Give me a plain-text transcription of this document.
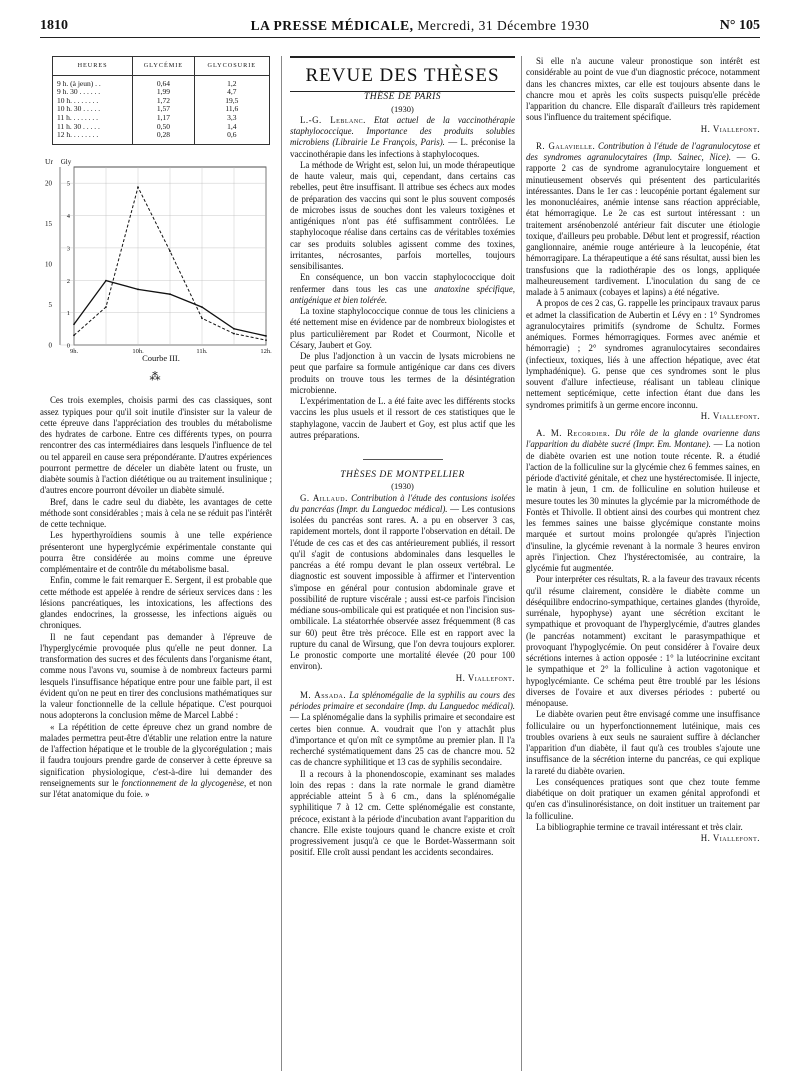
1810	LA PRESSE MÉDICALE, Mercredi, 31 Décembre 1930	N° 105
HEURES	GLYCÉMIE	GLYCOSURIE
9 h. (à jeun) . .	0,64	1,2
9 h. 30 . . . . . .	1,99	4,7
10 h. . . . . . . .	1,72	19,5
10 h. 30 . . . . .	1,57	11,6
11 h. . . . . . . .	1,17	3,3
11 h. 30 . . . . .	0,50	1,4
12 h. . . . . . . .	0,28	0,6
0
5
10
15
20
0
1
2
3
4
5
Ur Gly
9h.	10h.	11h.	12h.

Courbe III.

⁂

Ces trois exemples, choisis parmi des cas classiques, sont assez typiques pour qu'il soit inutile d'insister sur la valeur de cette épreuve dans l'appréciation des troubles du métabolisme des hydrates de carbone. Entre ces différents types, on pourra rencontrer des cas intermédiaires dans lesquels l'influence de tel ou tel appareil en cause sera prépondérante. D'autres expériences pourront permettre de déceler un diabète latent ou fruste, un diabète soumis à l'action diététique ou au traitement insulinique ; d'autres encore pourront dévoiler un diabète simulé.

Bref, dans le cadre seul du diabète, les avantages de cette méthode sont considérables ; mais à cela ne se réduit pas l'intérêt de cette technique.

Les hyperthyroïdiens soumis à une telle expérience présenteront une hyperglycémie expérimentale constante qui pourra être considérée au moins comme une épreuve complémentaire et de contrôle du métabolisme basal.

Enfin, comme le fait remarquer E. Sergent, il est probable que cette méthode est appelée à rendre de sérieux services dans : les lésions pancréatiques, les intoxications, les affections des glandes endocrines, la grossesse, les infections aiguës ou chroniques.

Il ne faut cependant pas demander à l'épreuve de l'hyperglycémie provoquée plus qu'elle ne peut donner. La transformation des sucres et des féculents dans l'organisme étant, comme nous l'avons vu, soumise à de nombreux facteurs parmi lesquels l'insuffisance hépatique entre pour une faible part, il est évident qu'on ne peut en tirer des conclusions mathématiques sur la valeur fonctionnelle de la cellule hépatique. C'est pourquoi nous adopterons la conclusion même de Marcel Labbé :

« La répétition de cette épreuve chez un grand nombre de malades permettra peut-être d'établir une relation entre la nature de l'affection hépatique et le trouble de la glycorégulation ; mais il faudra toujours prendre garde de conserver à cette épreuve sa signification physiologique, c'est-à-dire lui demander des renseignements sur le fonctionnement de la glycogenèse, et non sur l'état anatomique du foie. »

REVUE DES THÈSES

THÈSE DE PARIS

(1930)

L.-G. Leblanc. Etat actuel de la vaccinothérapie staphylococcique. Importance des produits solubles microbiens (Librairie Le François, Paris). — L. préconise la vaccinothérapie dans les infections à staphylocoques.

La méthode de Wright est, selon lui, un mode thérapeutique de haute valeur, mais qui, cependant, dans certains cas rebelles, peut être insuffisant. Il attribue ses échecs aux modes de préparation des vaccins qui sont le plus souvent composés de microbes issus de souches dont les valeurs toxigènes et antigéniques n'ont pas été suffisamment contrôlées. Le staphylocoque réalise dans certains cas de véritables toxémies car ses produits solubles agissent comme des toxines, irritantes, nécrosantes, parfois mortelles, toujours sensibilisantes.

En conséquence, un bon vaccin staphylococcique doit renfermer dans tous les cas une anatoxine spécifique, antigénique et bien tolérée.

La toxine staphylococcique connue de tous les cliniciens a été nettement mise en évidence par de nombreux biologistes et plus particulièrement par Rodet et Courmont, Nicolle et Césary, Jaubert et Goy.

De plus l'adjonction à un vaccin de lysats microbiens ne peut que parfaire sa formule antigénique car dans ces divers produits on trouve tous les termes de la désintégration microbienne.

L'expérimentation de L. a été faite avec les différents stocks vaccins les plus usuels et il ressort de ces statistiques que le staphylagone, vaccin de Jaubert et Goy, est plus actif que les autres préparations.

THÈSES DE MONTPELLIER

(1930)

G. Aillaud. Contribution à l'étude des contusions isolées du pancréas (Impr. du Languedoc médical). — Les contusions isolées du pancréas sont rares. A. a pu en observer 3 cas, rapidement mortels, dont il rapporte l'observation en détail. De l'étude de ces cas et des cas antérieurement publiés, il ressort qu'il s'agit de contusions abdominales dans lesquelles le pancréas a été rompu devant le plan osseux vertébral. Le diagnostic est souvent impossible à affirmer et l'intervention s'impose en général pour contusion abdominale grave et possibilité de rupture viscérale ; aussi est-ce parfois l'incision médiane sous-ombilicale qui est pratiquée et non l'incision sus-ombilicale. La stéatorrhée observée assez fréquemment (8 cas sur 60) peut être très précoce. Elle est en rapport avec la rupture du canal de Wirsung, que l'on devra toujours explorer. Le pronostic comporte une mortalité élevée (20 pour 100 environ).

H. Viallefont.

M. Assada. La splénomégalie de la syphilis au cours des périodes primaire et secondaire (Imp. du Languedoc médical). — La splénomégalie dans la syphilis primaire et secondaire est certes bien connue. A. voudrait que l'on y attachât plus d'importance et qu'on mît ce symptôme au premier plan. Il l'a recherché systématiquement dans 25 cas de chancre mou. 52 cas de chancre syphilitique et 13 cas de syphilis secondaire.

Il a recours à la phonendoscopie, examinant ses malades loin des repas : dans la rate normale le grand diamètre appréciable atteint 5 à 6 cm., dans la splénomégalie syphilitique 7 à 12 cm. Cette splénomégalie est constante, précoce, existant à la période d'incubation avant l'apparition du chancre. Elle existe toujours quand le chancre existe et croît progressivement jusqu'à ce que le Bordet-Wassermann soit positif. Elle croît aussi pendant les accidents secondaires.

Si elle n'a aucune valeur pronostique son intérêt est considérable au point de vue d'un diagnostic précoce, notamment dans les chancres mixtes, car elle est toujours absente dans le chancre mou et après les coïts suspects puisqu'elle précède l'apparition du chancre. Elle disparaît d'ailleurs très rapidement sous l'influence du traitement spécifique.

H. Viallefont.

R. Galavielle. Contribution à l'étude de l'agranulocytose et des syndromes agranulocytaires (Imp. Sainec, Nice). — G. rapporte 2 cas de syndrome agranulocytaire longuement et minutieusement observés qui présentent des particularités intéressantes. Dans le 1er cas : leucopénie portant également sur les mononucléaires, anémie intense sans réaction appréciable, état hémorragique. Le 2e cas est surtout intéressant : un traitement arsénobenzolé antérieur fait discuter une étiologie toxique, d'ailleurs peu probable. Début lent et progressif, réaction ganglionnaire, anémie rouge antérieure à la leucopénie, état hémorragipare. La thérapeutique a été sans résultat, aussi bien les transfusions que la radiothérapie des os longs, appliquée malheureusement tardivement. L'inoculation du sang de ce malade à 5 animaux (cobayes et lapins) a été négative.

A propos de ces 2 cas, G. rappelle les principaux travaux parus et admet la classification de Aubertin et Lévy en : 1° Syndromes agranulocytaires primitifs (syndrome de Schultz. Formes anémiques. Formes hémorragiques. Formes avec anémie et hémorragie) ; 2° syndromes agranulocytaires secondaires (infectieux, toxiques, liés à une affection hépatique, avec état lymphadénique). G. pense que ces syndromes sont le plus souvent d'allure infectieuse, réalisant un tableau clinique nettement septicémique, cette infection étant due dans les syndromes primitifs à un germe encore inconnu.

H. Viallefont.

A. M. Recordier. Du rôle de la glande ovarienne dans l'apparition du diabète sucré (Impr. Em. Montane). — La notion de diabète ovarien est une notion toute récente. R. a étudié l'action de la folliculine sur la glycémie chez 6 femmes saines, en période d'activité génitale, et chez une hystérectomisée. Il injecte, le matin à jeun, 1 cm. de folliculine en solution huileuse et mesure toutes les 30 minutes la glycémie par la microméthode de Fontès et Thivolle. Il obtient ainsi des courbes qui montrent chez les femmes saines une baisse glycémique constante moins marquée et surtout moins prolongée qu'après l'injection d'insuline, la glycémie revenant à la normale 3 heures environ après l'injection. Chez l'hystérectomisée, au contraire, la glycémie fut augmentée.

Pour interpréter ces résultats, R. a la faveur des travaux récents qu'il résume clairement, considère le diabète comme un déséquilibre endocrino-sympathique, certaines glandes (thyroïde, surrénale, hypophyse) ayant une sécrétion excitant le sympathique et provoquant de l'hyperglycémie, d'autres glandes (le pancréas notamment) excitant le parasympathique et provoquant l'hypoglycémie. On peut considérer à l'ovaire deux sécrétions internes à action opposée : 1° la lutéocrinine excitant le sympathique et 2° la folliculine à action vagotonique et hypoglycémiante. Ce schéma peut être troublé par les lésions diverses de l'ovaire et aux diverses périodes : puberté ou ménopause.

Le diabète ovarien peut être envisagé comme une insuffisance folliculaire ou un hyperfonctionnement lutéinique, mais ces troubles ovariens à eux seuls ne sauraient suffire à déclancher l'apparition d'un diabète, il faut qu'à ces troubles s'ajoute une insuffisance de la sécrétion interne du pancréas, ce qui explique la rareté du diabète ovarien.

Les conséquences pratiques sont que chez toute femme diabétique on doit pratiquer un examen génital approfondi et qu'en cas d'insulinorésistance, on doit instituer un traitement par la folliculine.

La bibliographie termine ce travail intéressant et très clair.

H. Viallefont.
